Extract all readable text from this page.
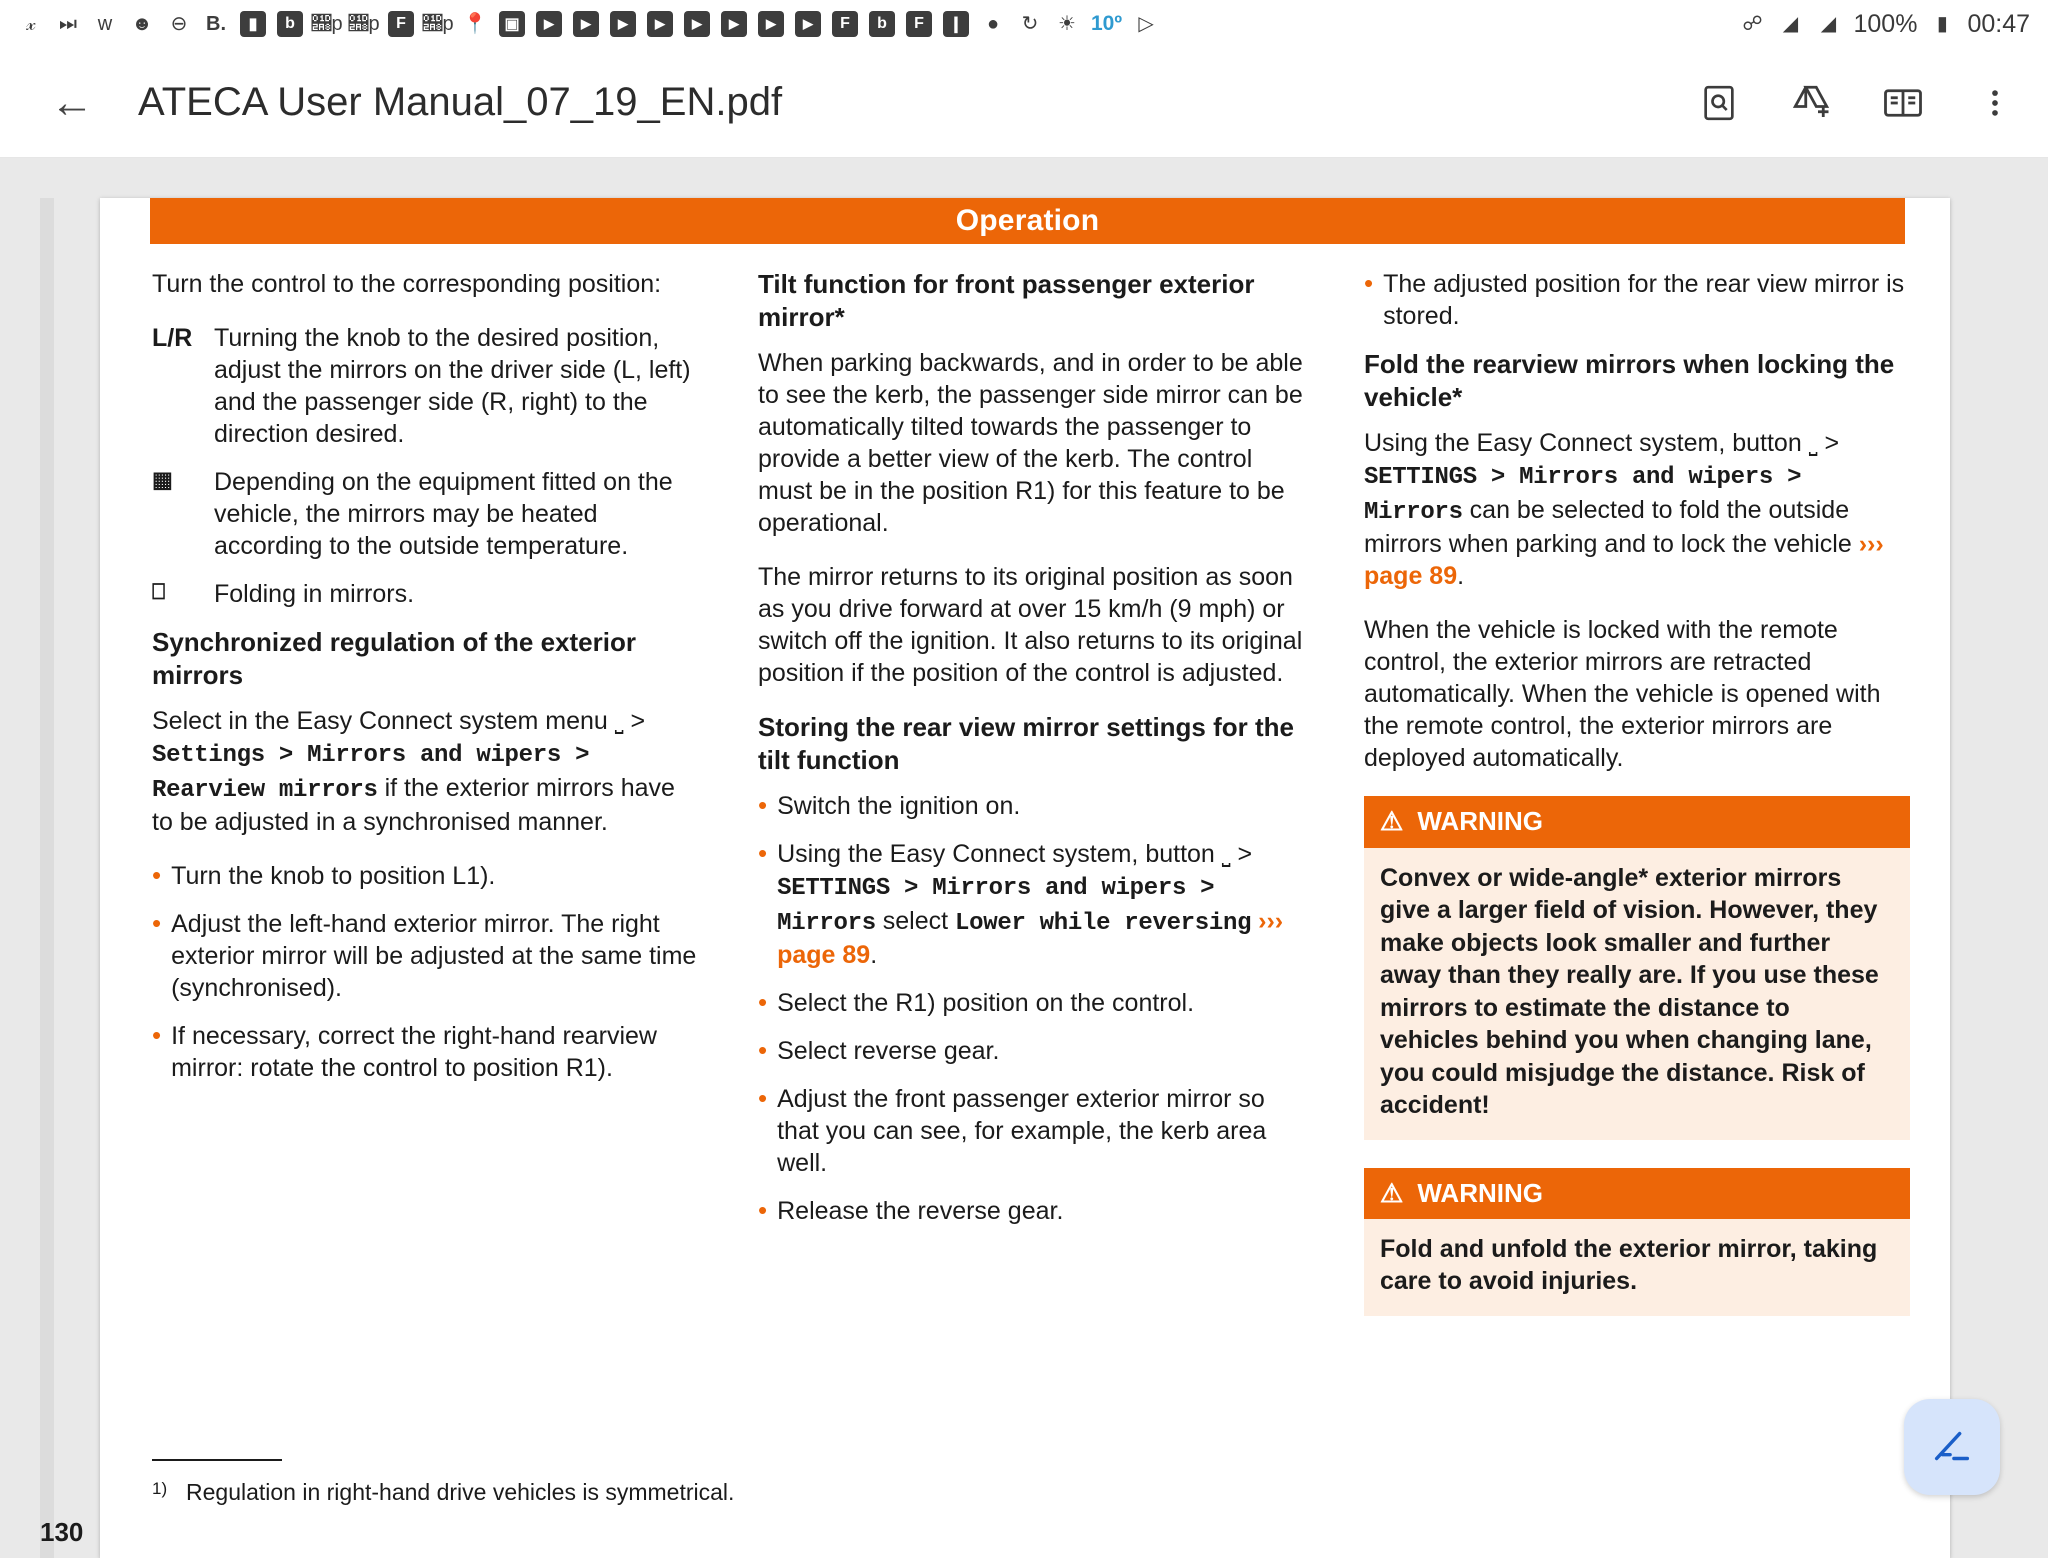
𝓍	⏭ w ☻ ⊖ B.	▮	b 𝊨p 𝊨p	F 𝊨p 📍	▣ ▶ ▶ ▶ ▶ ▶ ▶ ▶ ▶	F	b	F	❙	●	↻ ☀ 10º ▷	☍ ◢ ◢ 100% ▮ 00:47
←	ATECA User Manual_07_19_EN.pdf
Operation

Turn the control to the corresponding position:

L/R Turning the knob to the desired position, adjust the mirrors on the driver side (L, left) and the passenger side (R, right) to the direction desired.
▦	Depending on the equipment fitted on the vehicle, the mirrors may be heated according to the outside temperature.
⎕	Folding in mirrors.
Synchronized regulation of the exterior mirrors

Select in the Easy Connect system menu ⎵ > Settings > Mirrors and wipers > Rearview mirrors if the exterior mirrors have to be adjusted in a synchronised manner.

• Turn the knob to position L1).
• Adjust the left-hand exterior mirror. The right exterior mirror will be adjusted at the same time (synchronised).
• If necessary, correct the right-hand rearview mirror: rotate the control to position R1).
Tilt function for front passenger exterior mirror*

When parking backwards, and in order to be able to see the kerb, the passenger side mirror can be automatically tilted towards the passenger to provide a better view of the kerb. The control must be in the position R1) for this feature to be operational.

The mirror returns to its original position as soon as you drive forward at over 15 km/h (9 mph) or switch off the ignition. It also returns to its original position if the position of the control is adjusted.

Storing the rear view mirror settings for the tilt function
• Switch the ignition on.
• Using the Easy Connect system, button ⎵ > SETTINGS > Mirrors and wipers > Mirrors select Lower while reversing ››› page 89.
• Select the R1) position on the control.
• Select reverse gear.
• Adjust the front passenger exterior mirror so that you can see, for example, the kerb area well.
• Release the reverse gear.
• The adjusted position for the rear view mirror is stored.
Fold the rearview mirrors when locking the vehicle*

Using the Easy Connect system, button ⎵ > SETTINGS > Mirrors and wipers > Mirrors can be selected to fold the outside mirrors when parking and to lock the vehicle ››› page 89.

When the vehicle is locked with the remote control, the exterior mirrors are retracted automatically. When the vehicle is opened with the remote control, the exterior mirrors are deployed automatically.

⚠ WARNING
Convex or wide-angle* exterior mirrors give a larger field of vision. However, they make objects look smaller and further away than they really are. If you use these mirrors to estimate the distance to vehicles behind you when changing lane, you could misjudge the distance. Risk of accident!
⚠ WARNING
Fold and unfold the exterior mirror, taking care to avoid injuries.
1) Regulation in right-hand drive vehicles is symmetrical.
130
